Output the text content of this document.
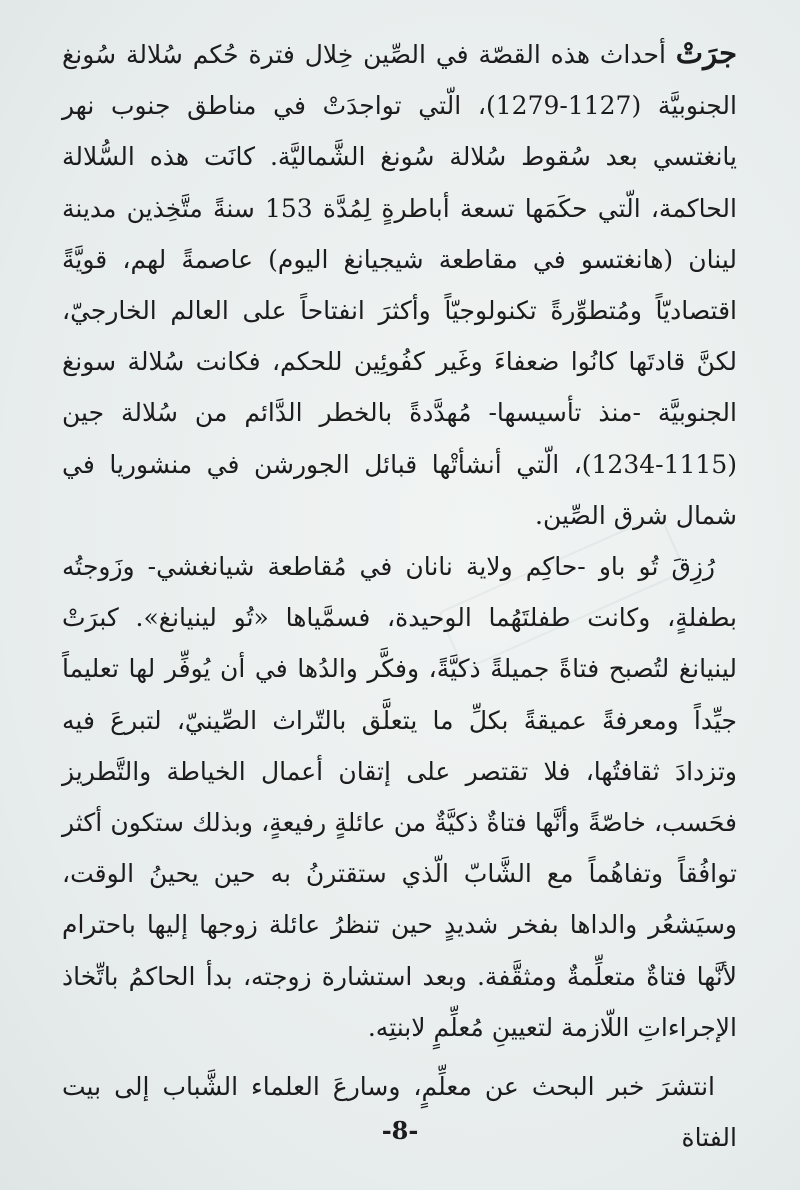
جرَتْ أحداث هذه القصّة في الصِّين خِلال فترة حُكم سُلالة سُونغ الجنوبيَّة (1127-1279)، الّتي تواجدَتْ في مناطق جنوب نهر يانغتسي بعد سُقوط سُلالة سُونغ الشَّماليَّة. كانَت هذه السُّلالة الحاكمة، الّتي حكَمَها تسعة أباطرةٍ لِمُدَّة 153 سنةً متَّخِذين مدينة لينان (هانغتسو في مقاطعة شيجيانغ اليوم) عاصمةً لهم، قويَّةً اقتصاديّاً ومُتطوِّرةً تكنولوجيّاً وأكثرَ انفتاحاً على العالم الخارجيّ، لكنَّ قادتَها كانُوا ضعفاءَ وغَير كفُوئِين للحكم، فكانت سُلالة سونغ الجنوبيَّة -منذ تأسيسها- مُهدَّدةً بالخطر الدَّائم من سُلالة جين (1115-1234)، الّتي أنشأتْها قبائل الجورشن في منشوريا في شمال شرق الصِّين.

رُزِقَ تُو باو -حاكِم ولاية نانان في مُقاطعة شيانغشي- وزَوجتُه بطفلةٍ، وكانت طفلتَهُما الوحيدة، فسمَّياها «تُو لينيانغ». كبرَتْ لينيانغ لتُصبح فتاةً جميلةً ذكيَّةً، وفكَّر والدُها في أن يُوفِّر لها تعليماً جيِّداً ومعرفةً عميقةً بكلِّ ما يتعلَّق بالتّراث الصِّينيّ، لتبرعَ فيه وتزدادَ ثقافتُها، فلا تقتصر على إتقان أعمال الخياطة والتَّطريز فحَسب، خاصّةً وأنَّها فتاةٌ ذكيَّةٌ من عائلةٍ رفيعةٍ، وبذلك ستكون أكثر توافُقاً وتفاهُماً مع الشَّابّ الّذي ستقترنُ به حين يحينُ الوقت، وسيَشعُر والداها بفخر شديدٍ حين تنظرُ عائلة زوجها إليها باحترام لأنَّها فتاةٌ متعلِّمةٌ ومثقَّفة. وبعد استشارة زوجته، بدأ الحاكمُ باتِّخاذ الإجراءاتِ اللّازمة لتعيينِ مُعلِّمٍ لابنتِه.

انتشرَ خبر البحث عن معلِّمٍ، وسارعَ العلماء الشَّباب إلى بيت الفتاة

-8-
